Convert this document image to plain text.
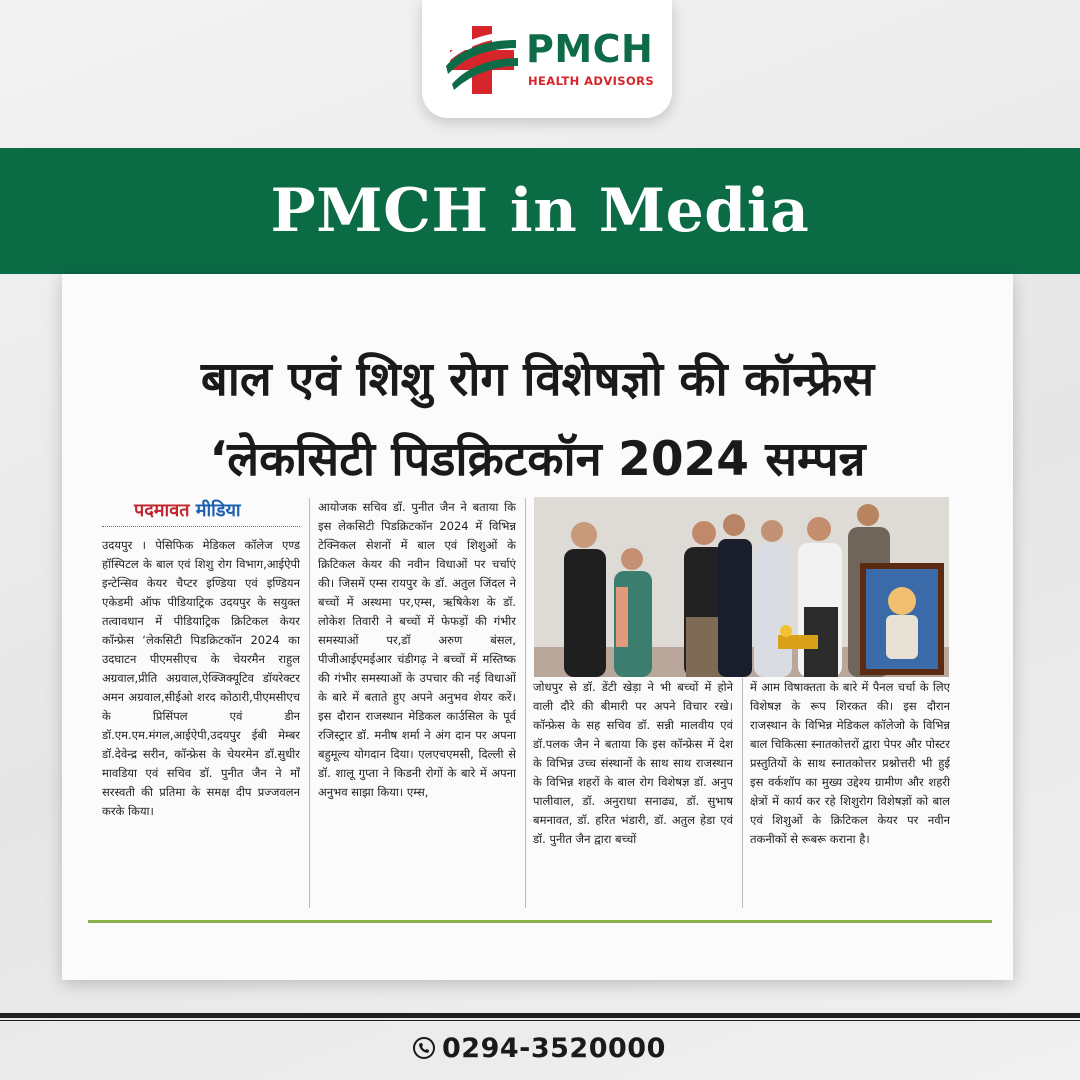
PMCH

HEALTH ADVISORS
PMCH in Media
बाल एवं शिशु रोग विशेषज्ञो की कॉन्फ्रेस
‘लेकसिटी पिडक्रिटकॉन 2024 सम्पन्न
पदमावत मीडिया

उदयपुर । पेसिफिक मेडिकल कॉलेज एण्ड हॉस्पिटल के बाल एवं शिशु रोग विभाग,आईऐपी इन्टेन्सिव केयर चैप्टर इण्डिया एवं इण्डियन एकेडमी ऑफ पीडियाट्रिक उदयपुर के सयुक्त तत्वावधान में पीडियाट्रिक क्रिटिकल केयर कॉन्फ्रेस ‘लेकसिटी पिडक्रिटकॉन 2024 का उदघाटन पीएमसीएच के चेयरमैन राहुल अग्रवाल,प्रीति अग्रवाल,ऐक्जिक्यूटिव डॉयरेक्टर अमन अग्रवाल,सीईओ शरद कोठारी,पीएमसीएच के प्रिसिंपल एवं डीन डॉ.एम.एम.मंगल,आईऐपी,उदयपुर ईबी मेम्बर डॉ.देवेन्द्र सरीन, कॉन्फ्रेस के चेयरमेन डॉ.सुधीर मावडिया एवं सचिव डॉ. पुनीत जैन ने मॉं सरस्वती की प्रतिमा के समक्ष दीप प्रज्जवलन करके किया।

आयोजक सचिव डॉ. पुनीत जैन ने बताया कि इस लेकसिटी पिडक्रिटकॉन 2024 में विभिन्न टेक्निकल सेशनों में बाल एवं शिशुओं के क्रिटिकल केयर की नवीन विधाओं पर चर्चाएं की। जिसमें एम्स रायपुर के डॉ. अतुल जिंदल ने बच्चों में अस्थमा पर,एम्स, ऋषिकेश के डॉ. लोकेश तिवारी ने बच्चों में फेफड़ों की गंभीर समस्याओं पर,डॉ अरुण बंसल, पीजीआईएमईआर चंडीगढ़ ने बच्चों में मस्तिष्क की गंभीर समस्याओं के उपचार की नई विधाओं के बारे में बताते हुए अपने अनुभव शेयर करें। इस दौरान राजस्थान मेडिकल कार्उसिल के पूर्व रजिस्ट्रार डॉ. मनीष शर्मा ने अंग दान पर अपना बहुमूल्य योगदान दिया। एलएचएमसी, दिल्ली से डॉ. शालू गुप्ता ने किडनी रोगों के बारे में अपना अनुभव साझा किया। एम्स,

जोधपुर से डॉ. डेंटी खेड़ा ने भी बच्चों में होने वाली दौरे की बीमारी पर अपने विचार रखे। कॉन्फ्रेस के सह सचिव डॉ. सन्नी मालवीय एवं डॉ.पलक जैन ने बताया कि इस कॉन्फ्रेस में देश के विभिन्न उच्च संस्थानों के साथ साथ राजस्थान के विभिन्न शहरों के बाल रोग विशेषज्ञ डॉ. अनुप पालीवाल, डॉ. अनुराधा सनाढ्य, डॉ. सुभाष बमनावत, डॉ. हरित भंडारी, डॉ. अतुल हेडा एवं डॉ. पुनीत जैन द्वारा बच्चों

में आम विषाक्तता के बारे में पैनल चर्चा के लिए विशेषज्ञ के रूप शिरकत की। इस दौरान राजस्थान के विभिन्न मेडिकल कॉलेजो के विभिन्न बाल चिकित्सा स्नातकोत्तरों द्वारा पेपर और पोस्टर प्रस्तुतियों के साथ स्नातकोत्तर प्रश्नोत्तरी भी हुई इस वर्कशॉप का मुख्य उद्देश्य ग्रामीण और शहरी क्षेत्रों में कार्य कर रहे शिशुरोग विशेषज्ञों को बाल एवं शिशुओं के क्रिटिकल केयर पर नवीन तकनीकों से रूबरू कराना है।

0294-3520000
